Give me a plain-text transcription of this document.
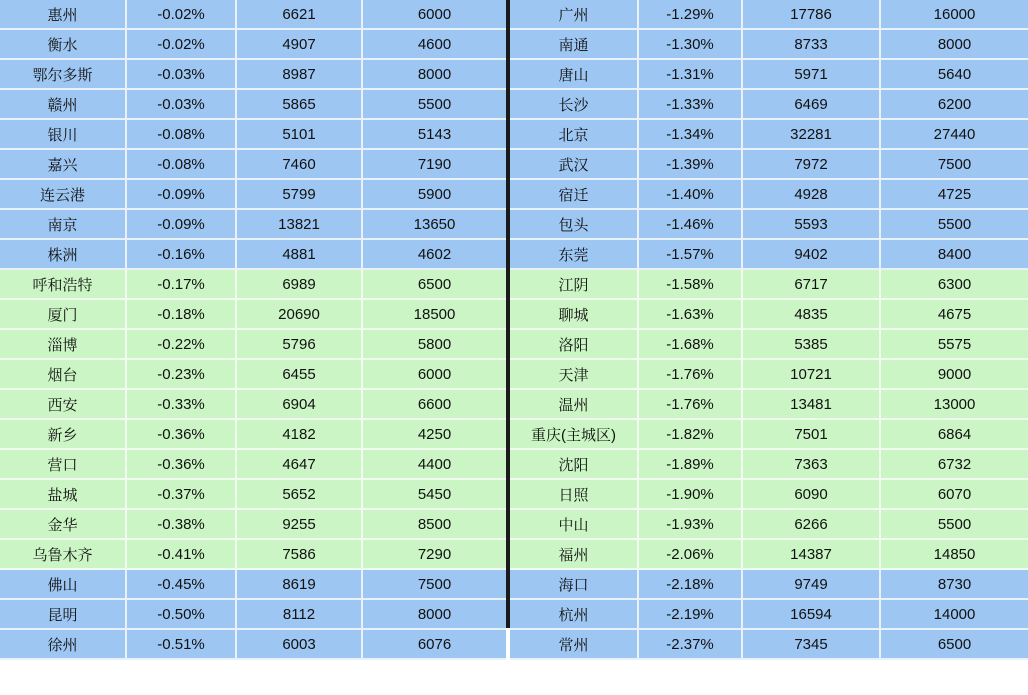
惠州	-0.02%	6621	6000
衡水	-0.02%	4907	4600
鄂尔多斯	-0.03%	8987	8000
赣州	-0.03%	5865	5500
银川	-0.08%	5101	5143
嘉兴	-0.08%	7460	7190
连云港	-0.09%	5799	5900
南京	-0.09%	13821	13650
株洲	-0.16%	4881	4602
呼和浩特	-0.17%	6989	6500
厦门	-0.18%	20690	18500
淄博	-0.22%	5796	5800
烟台	-0.23%	6455	6000
西安	-0.33%	6904	6600
新乡	-0.36%	4182	4250
营口	-0.36%	4647	4400
盐城	-0.37%	5652	5450
金华	-0.38%	9255	8500
乌鲁木齐	-0.41%	7586	7290
佛山	-0.45%	8619	7500
昆明	-0.50%	8112	8000
徐州	-0.51%	6003	6076
广州	-1.29%	17786	16000
南通	-1.30%	8733	8000
唐山	-1.31%	5971	5640
长沙	-1.33%	6469	6200
北京	-1.34%	32281	27440
武汉	-1.39%	7972	7500
宿迁	-1.40%	4928	4725
包头	-1.46%	5593	5500
东莞	-1.57%	9402	8400
江阴	-1.58%	6717	6300
聊城	-1.63%	4835	4675
洛阳	-1.68%	5385	5575
天津	-1.76%	10721	9000
温州	-1.76%	13481	13000
重庆(主城区)	-1.82%	7501	6864
沈阳	-1.89%	7363	6732
日照	-1.90%	6090	6070
中山	-1.93%	6266	5500
福州	-2.06%	14387	14850
海口	-2.18%	9749	8730
杭州	-2.19%	16594	14000
常州	-2.37%	7345	6500
